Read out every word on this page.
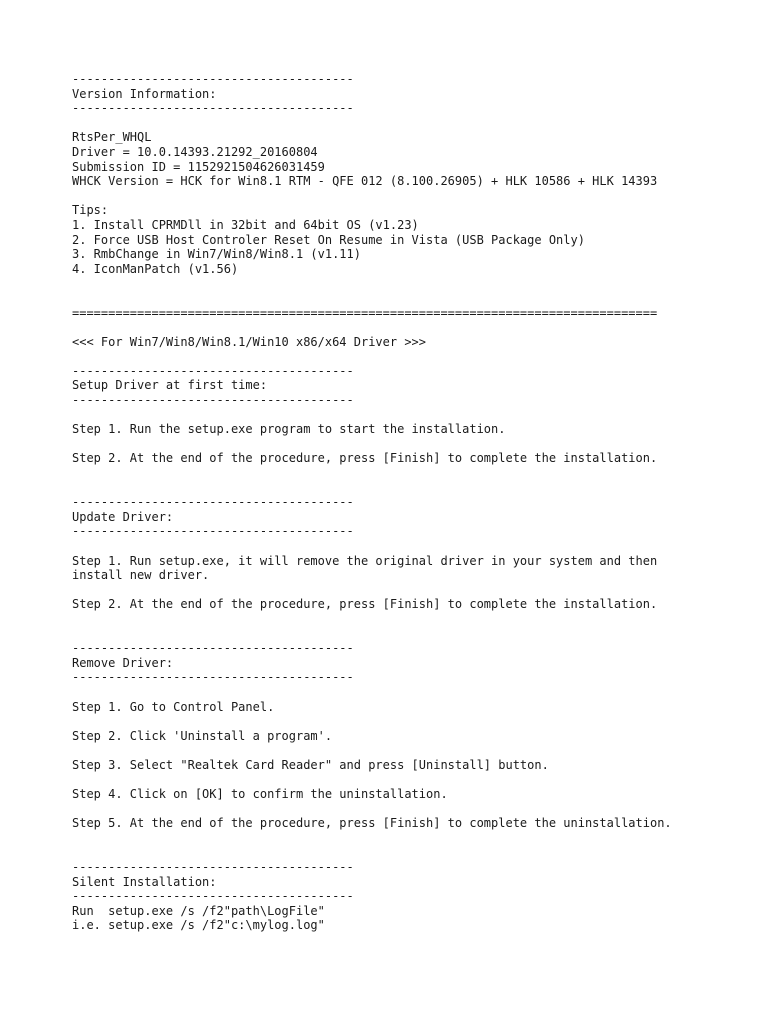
---------------------------------------
Version Information:
---------------------------------------
RtsPer_WHQL
Driver = 10.0.14393.21292_20160804
Submission ID = 1152921504626031459
WHCK Version = HCK for Win8.1 RTM - QFE 012 (8.100.26905) + HLK 10586 + HLK 14393
Tips:
1. Install CPRMDll in 32bit and 64bit OS (v1.23)
2. Force USB Host Controler Reset On Resume in Vista (USB Package Only)
3. RmbChange in Win7/Win8/Win8.1 (v1.11)
4. IconManPatch (v1.56)
=================================================================================
<<< For Win7/Win8/Win8.1/Win10 x86/x64 Driver >>>
---------------------------------------
Setup Driver at first time:
---------------------------------------
Step 1. Run the setup.exe program to start the installation.
Step 2. At the end of the procedure, press [Finish] to complete the installation.
---------------------------------------
Update Driver:
---------------------------------------
Step 1. Run setup.exe, it will remove the original driver in your system and then
install new driver.
Step 2. At the end of the procedure, press [Finish] to complete the installation.
---------------------------------------
Remove Driver:
---------------------------------------
Step 1. Go to Control Panel.
Step 2. Click 'Uninstall a program'.
Step 3. Select "Realtek Card Reader" and press [Uninstall] button.
Step 4. Click on [OK] to confirm the uninstallation.
Step 5. At the end of the procedure, press [Finish] to complete the uninstallation.
---------------------------------------
Silent Installation:
---------------------------------------
Run  setup.exe /s /f2"path\LogFile"
i.e. setup.exe /s /f2"c:\mylog.log"
